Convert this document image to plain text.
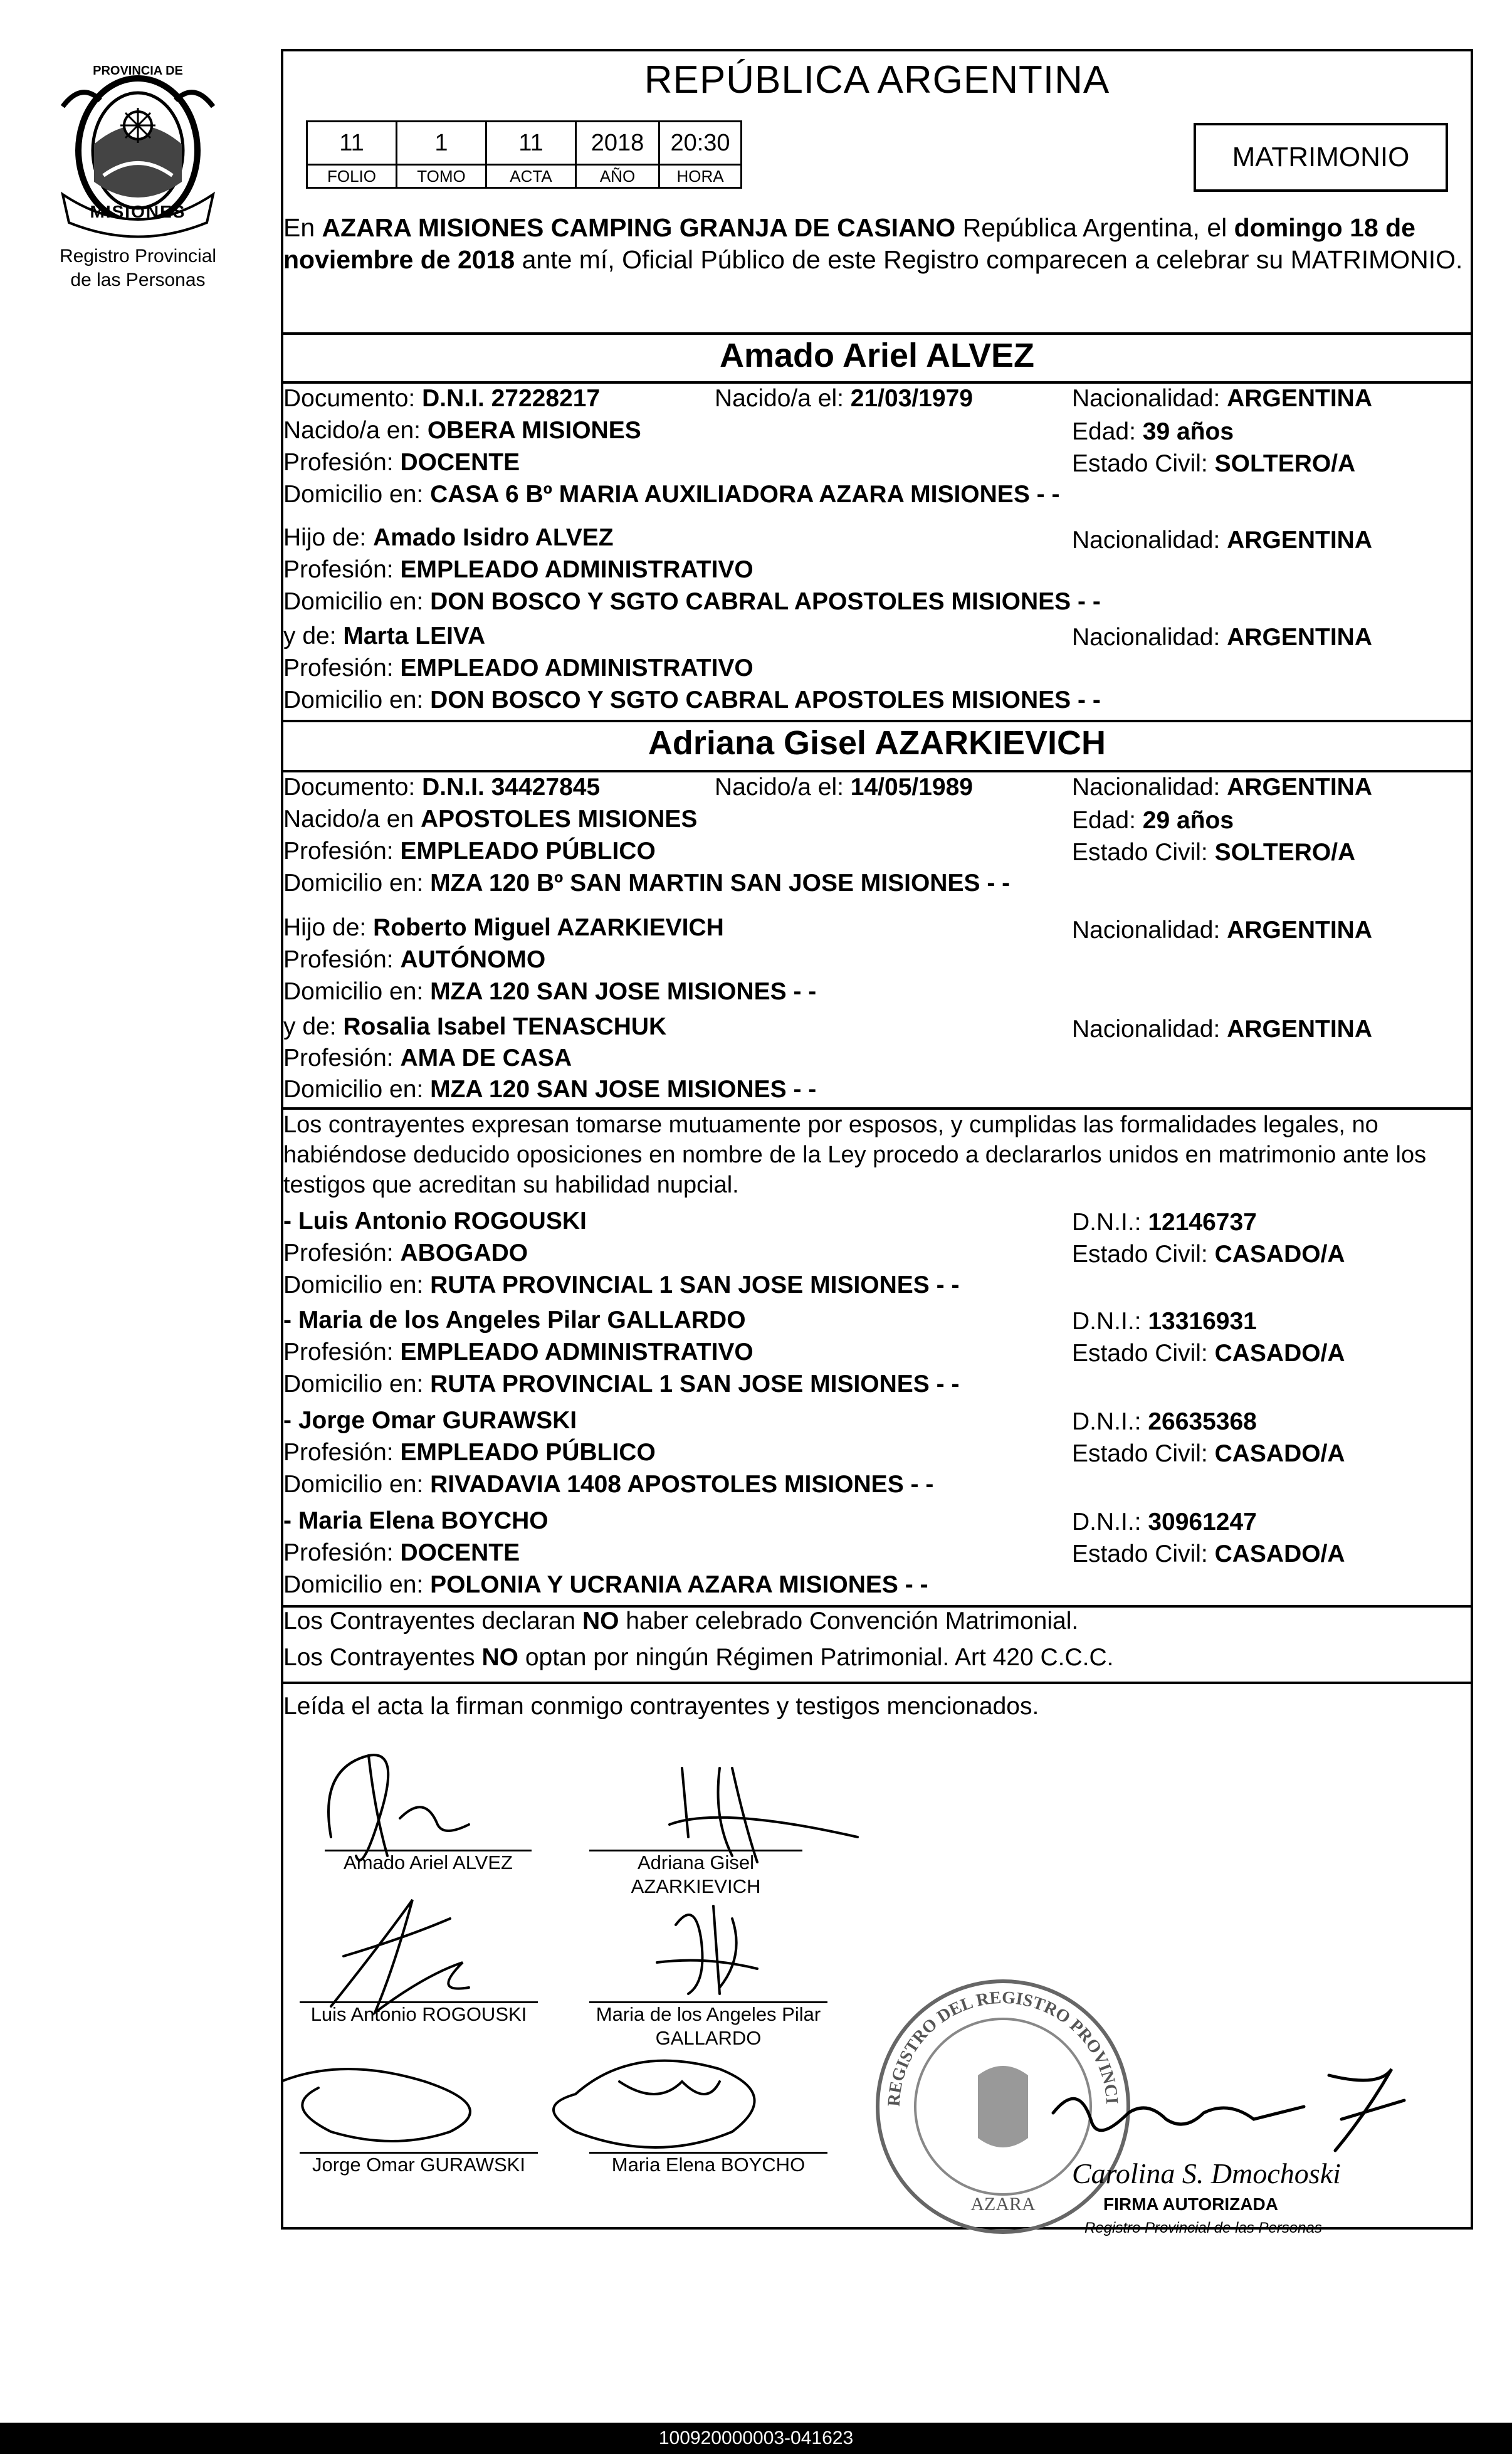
PROVINCIA DE
MISIONES
Registro Provincial
de las Personas
REPÚBLICA ARGENTINA
11	1	11	2018	20:30
FOLIO	TOMO	ACTA	AÑO	HORA
MATRIMONIO
En AZARA MISIONES CAMPING GRANJA DE CASIANO República Argentina, el domingo 18 de noviembre de 2018 ante mí, Oficial Público de este Registro comparecen a celebrar su MATRIMONIO.
Amado Ariel ALVEZ
Documento: D.N.I. 27228217	Nacido/a el: 21/03/1979	Nacionalidad: ARGENTINA
Nacido/a en: OBERA MISIONES	Edad: 39 años
Profesión: DOCENTE	Estado Civil: SOLTERO/A
Domicilio en: CASA 6 Bº MARIA AUXILIADORA AZARA MISIONES - -
Hijo de: Amado Isidro ALVEZ	Nacionalidad: ARGENTINA
Profesión: EMPLEADO ADMINISTRATIVO
Domicilio en: DON BOSCO Y SGTO CABRAL APOSTOLES MISIONES - -
y de: Marta LEIVA	Nacionalidad: ARGENTINA
Profesión: EMPLEADO ADMINISTRATIVO
Domicilio en: DON BOSCO Y SGTO CABRAL APOSTOLES MISIONES - -
Adriana Gisel AZARKIEVICH
Documento: D.N.I. 34427845	Nacido/a el: 14/05/1989	Nacionalidad: ARGENTINA
Nacido/a en APOSTOLES MISIONES	Edad: 29 años
Profesión: EMPLEADO PÚBLICO	Estado Civil: SOLTERO/A
Domicilio en: MZA 120 Bº SAN MARTIN SAN JOSE MISIONES - -
Hijo de: Roberto Miguel AZARKIEVICH	Nacionalidad: ARGENTINA
Profesión: AUTÓNOMO
Domicilio en: MZA 120 SAN JOSE MISIONES - -
y de: Rosalia Isabel TENASCHUK	Nacionalidad: ARGENTINA
Profesión: AMA DE CASA
Domicilio en: MZA 120 SAN JOSE MISIONES - -
Los contrayentes expresan tomarse mutuamente por esposos, y cumplidas las formalidades legales, no habiéndose deducido oposiciones en nombre de la Ley procedo a declararlos unidos en matrimonio ante los testigos que acreditan su habilidad nupcial.
- Luis Antonio ROGOUSKI	D.N.I.: 12146737
Profesión: ABOGADO	Estado Civil: CASADO/A
Domicilio en: RUTA PROVINCIAL 1 SAN JOSE MISIONES - -
- Maria de los Angeles Pilar GALLARDO	D.N.I.: 13316931
Profesión: EMPLEADO ADMINISTRATIVO	Estado Civil: CASADO/A
Domicilio en: RUTA PROVINCIAL 1 SAN JOSE MISIONES - -
- Jorge Omar GURAWSKI	D.N.I.: 26635368
Profesión: EMPLEADO PÚBLICO	Estado Civil: CASADO/A
Domicilio en: RIVADAVIA 1408 APOSTOLES MISIONES - -
- Maria Elena BOYCHO	D.N.I.: 30961247
Profesión: DOCENTE	Estado Civil: CASADO/A
Domicilio en: POLONIA Y UCRANIA AZARA MISIONES - -
Los Contrayentes declaran NO haber celebrado Convención Matrimonial.
Los Contrayentes NO optan por ningún Régimen Patrimonial. Art 420 C.C.C.
Leída el acta la firman conmigo contrayentes y testigos mencionados.
Amado Ariel ALVEZ	Adriana Gisel
AZARKIEVICH
Luis Antonio ROGOUSKI	Maria de los Angeles Pilar
GALLARDO
Jorge Omar GURAWSKI	Maria Elena BOYCHO
REGISTRO DEL REGISTRO PROVINCI
AZARA
Carolina S. Dmochoski
FIRMA AUTORIZADA
Registro Provincial de las Personas
100920000003-041623
